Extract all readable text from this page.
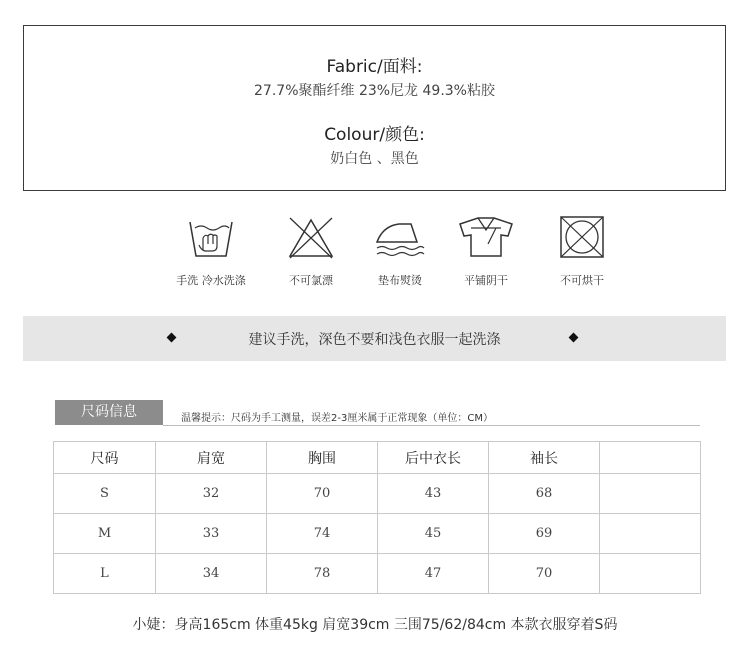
Fabric/面料:
27.7%聚酯纤维 23%尼龙 49.3%粘胶
Colour/颜色:
奶白色 、黑色
手洗 冷水洗涤	不可氯漂	垫布熨烫	平铺阴干	不可烘干
建议手洗，深色不要和浅色衣服一起洗涤
尺码信息	温馨提示：尺码为手工测量，误差2-3厘米属于正常现象（单位：CM）
尺码	肩宽	胸围	后中衣长	袖长	
S	32	70	43	68	
M	33	74	45	69	
L	34	78	47	70	
小婕：身高165cm 体重45kg 肩宽39cm 三围75/62/84cm 本款衣服穿着S码
